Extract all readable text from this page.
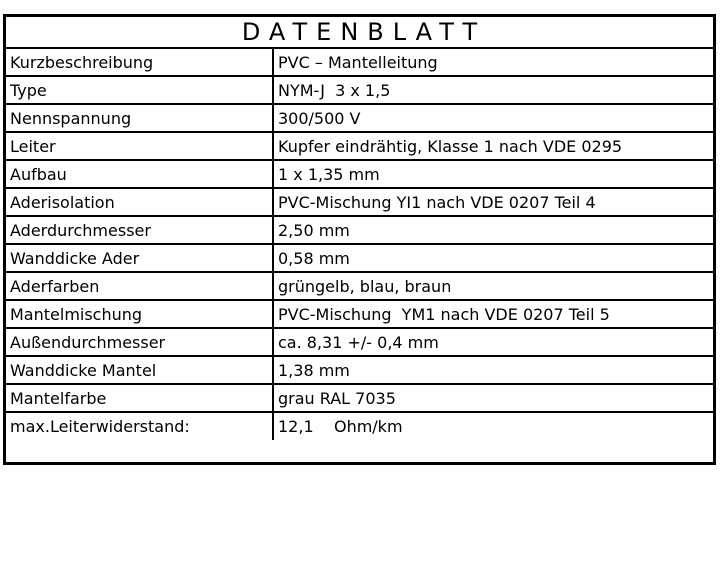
DATENBLATT
Kurzbeschreibung	PVC – Mantelleitung
Type	NYM-J  3 x 1,5
Nennspannung	300/500 V
Leiter	Kupfer eindrähtig, Klasse 1 nach VDE 0295
Aufbau	1 x 1,35 mm
Aderisolation	PVC-Mischung YI1 nach VDE 0207 Teil 4
Aderdurchmesser	2,50 mm
Wanddicke Ader	0,58 mm
Aderfarben	grüngelb, blau, braun
Mantelmischung	PVC-Mischung  YM1 nach VDE 0207 Teil 5
Außendurchmesser	ca. 8,31 +/- 0,4 mm
Wanddicke Mantel	1,38 mm
Mantelfarbe	grau RAL 7035
max.Leiterwiderstand:	12,1    Ohm/km
